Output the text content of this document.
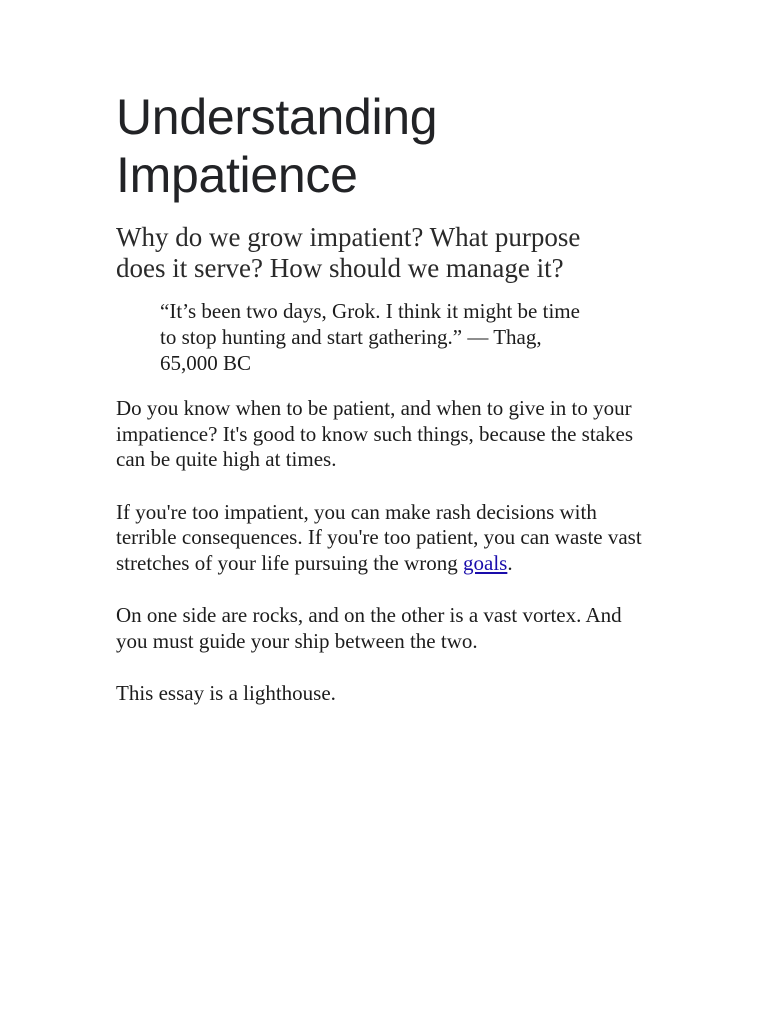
Understanding Impatience

Why do we grow impatient? What purpose does it serve? How should we manage it?

“It’s been two days, Grok. I think it might be time to stop hunting and start gathering.” — Thag, 65,000 BC

Do you know when to be patient, and when to give in to your impatience? It's good to know such things, because the stakes can be quite high at times.

If you're too impatient, you can make rash decisions with terrible consequences. If you're too patient, you can waste vast stretches of your life pursuing the wrong goals.

On one side are rocks, and on the other is a vast vortex. And you must guide your ship between the two.

This essay is a lighthouse.
